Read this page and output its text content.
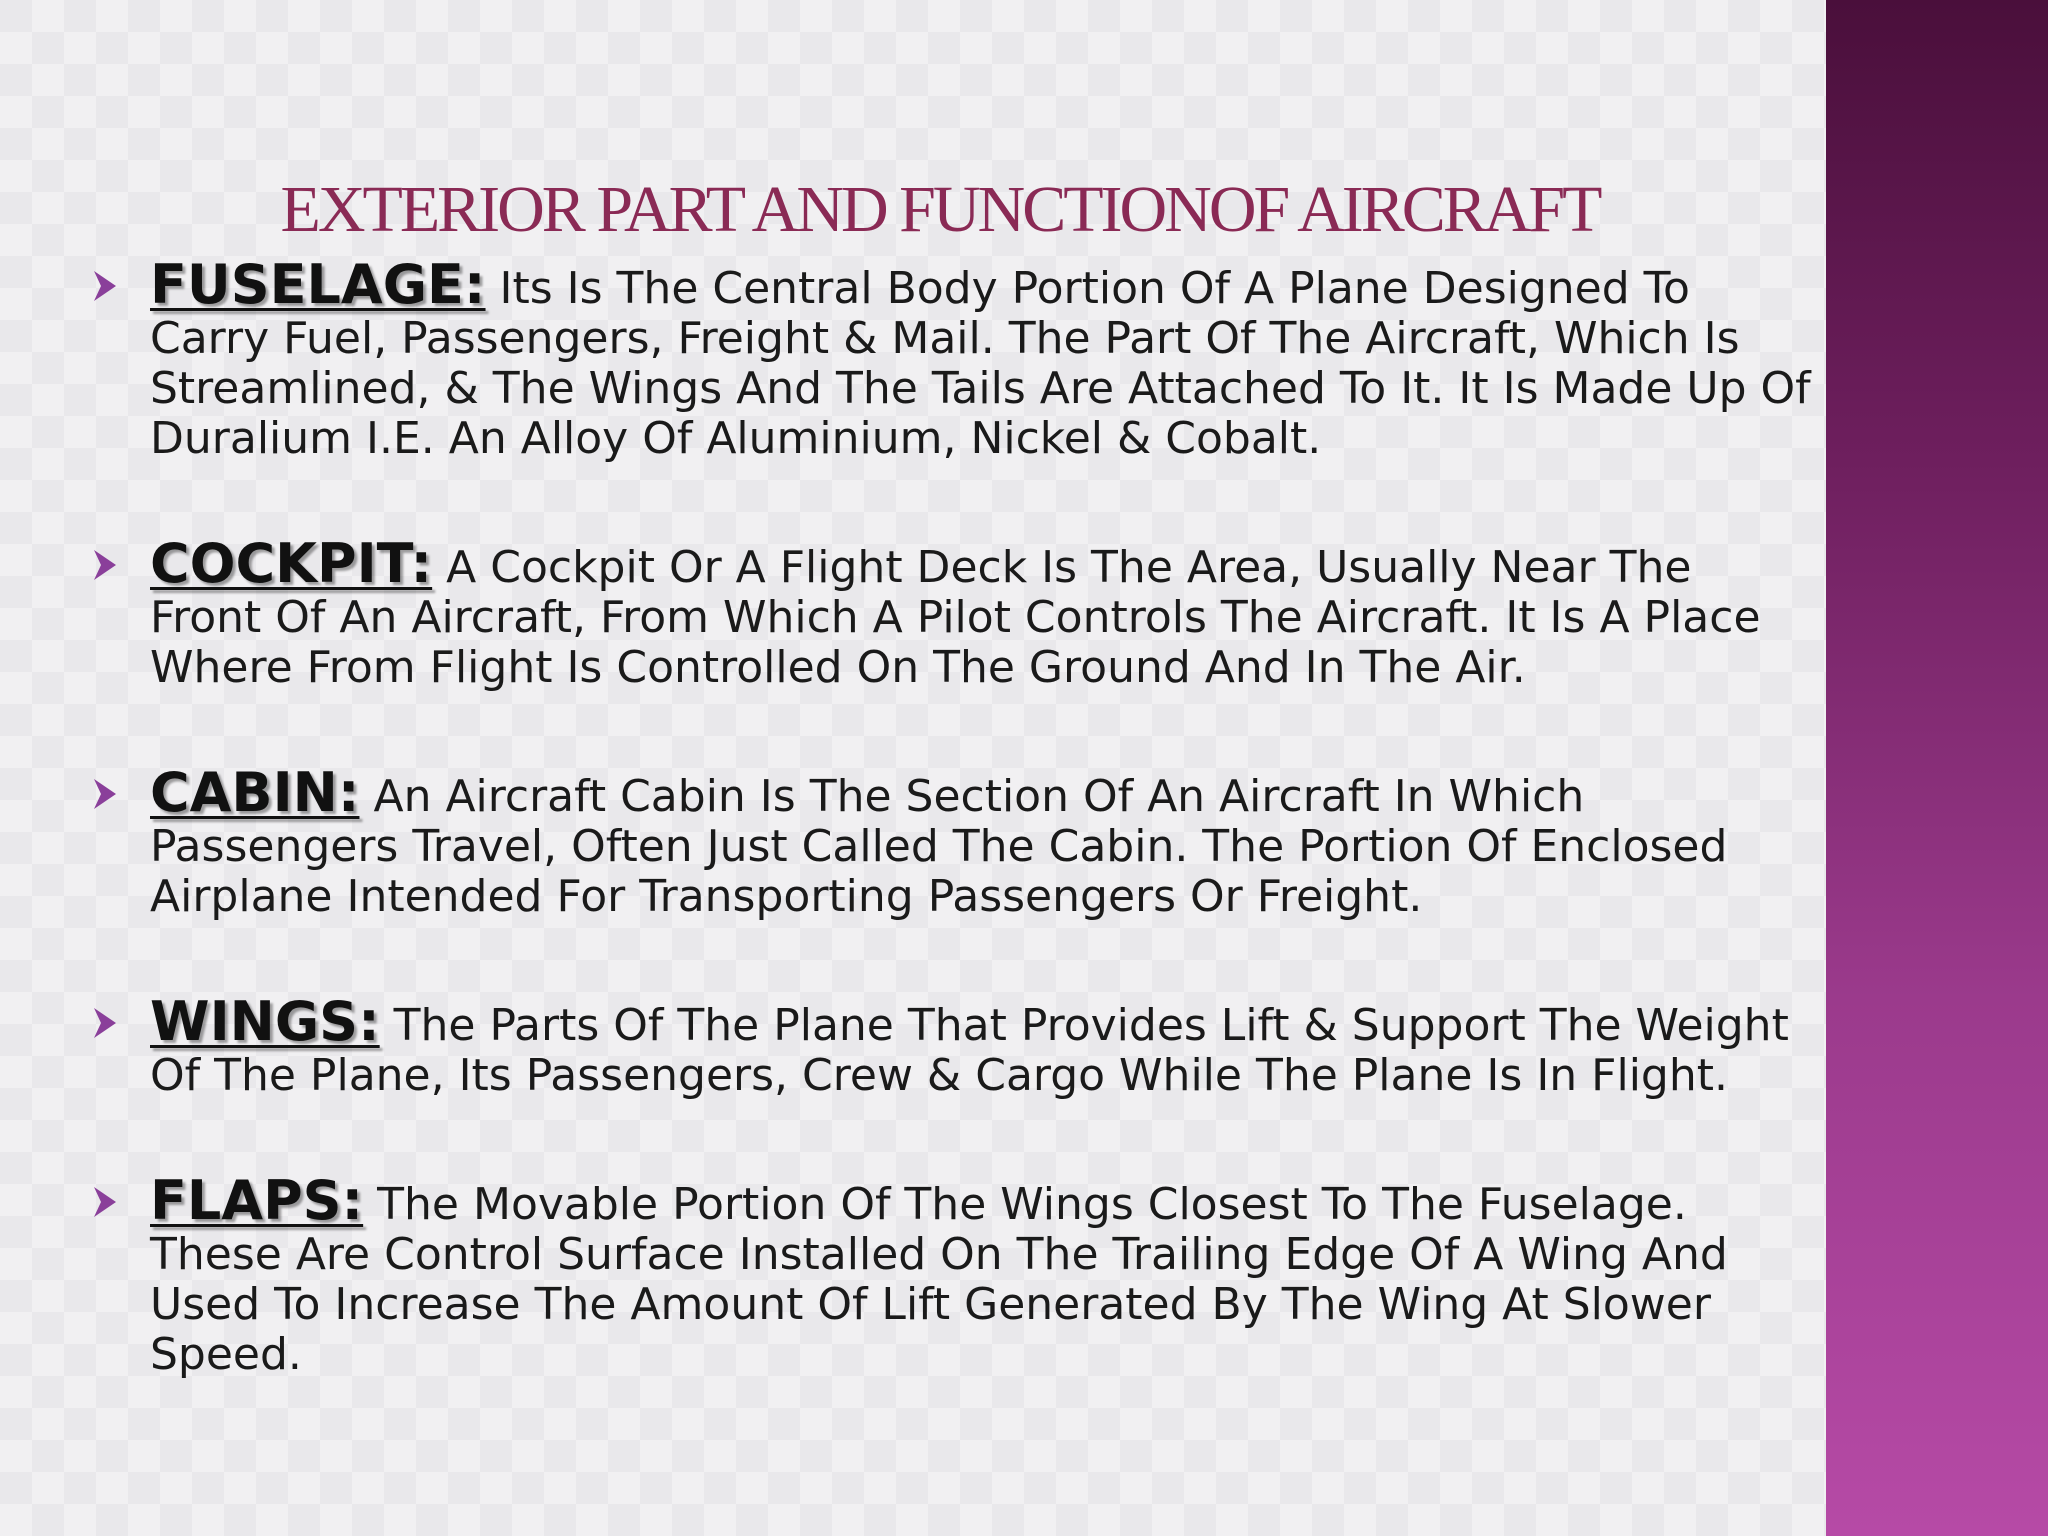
EXTERIOR PART AND FUNCTIONOF AIRCRAFT
FUSELAGE: Its Is The Central Body Portion Of A Plane Designed To Carry Fuel, Passengers, Freight & Mail. The Part Of The Aircraft, Which Is Streamlined, & The Wings And The Tails Are Attached To It. It Is Made Up Of Duralium I.E. An Alloy Of Aluminium, Nickel & Cobalt.
COCKPIT: A Cockpit Or A Flight Deck Is The Area, Usually Near The Front Of An Aircraft, From Which A Pilot Controls The Aircraft. It Is A Place Where From Flight Is Controlled On The Ground And In The Air.
CABIN: An Aircraft Cabin Is The Section Of An Aircraft In Which Passengers Travel, Often Just Called The Cabin. The Portion Of Enclosed Airplane Intended For Transporting Passengers Or Freight.
WINGS: The Parts Of The Plane That Provides Lift & Support The Weight Of The Plane, Its Passengers, Crew & Cargo While The Plane Is In Flight.
FLAPS: The Movable Portion Of The Wings Closest To The Fuselage. These Are Control Surface Installed On The Trailing Edge Of A Wing And Used To Increase The Amount Of Lift Generated By The Wing At Slower Speed.
